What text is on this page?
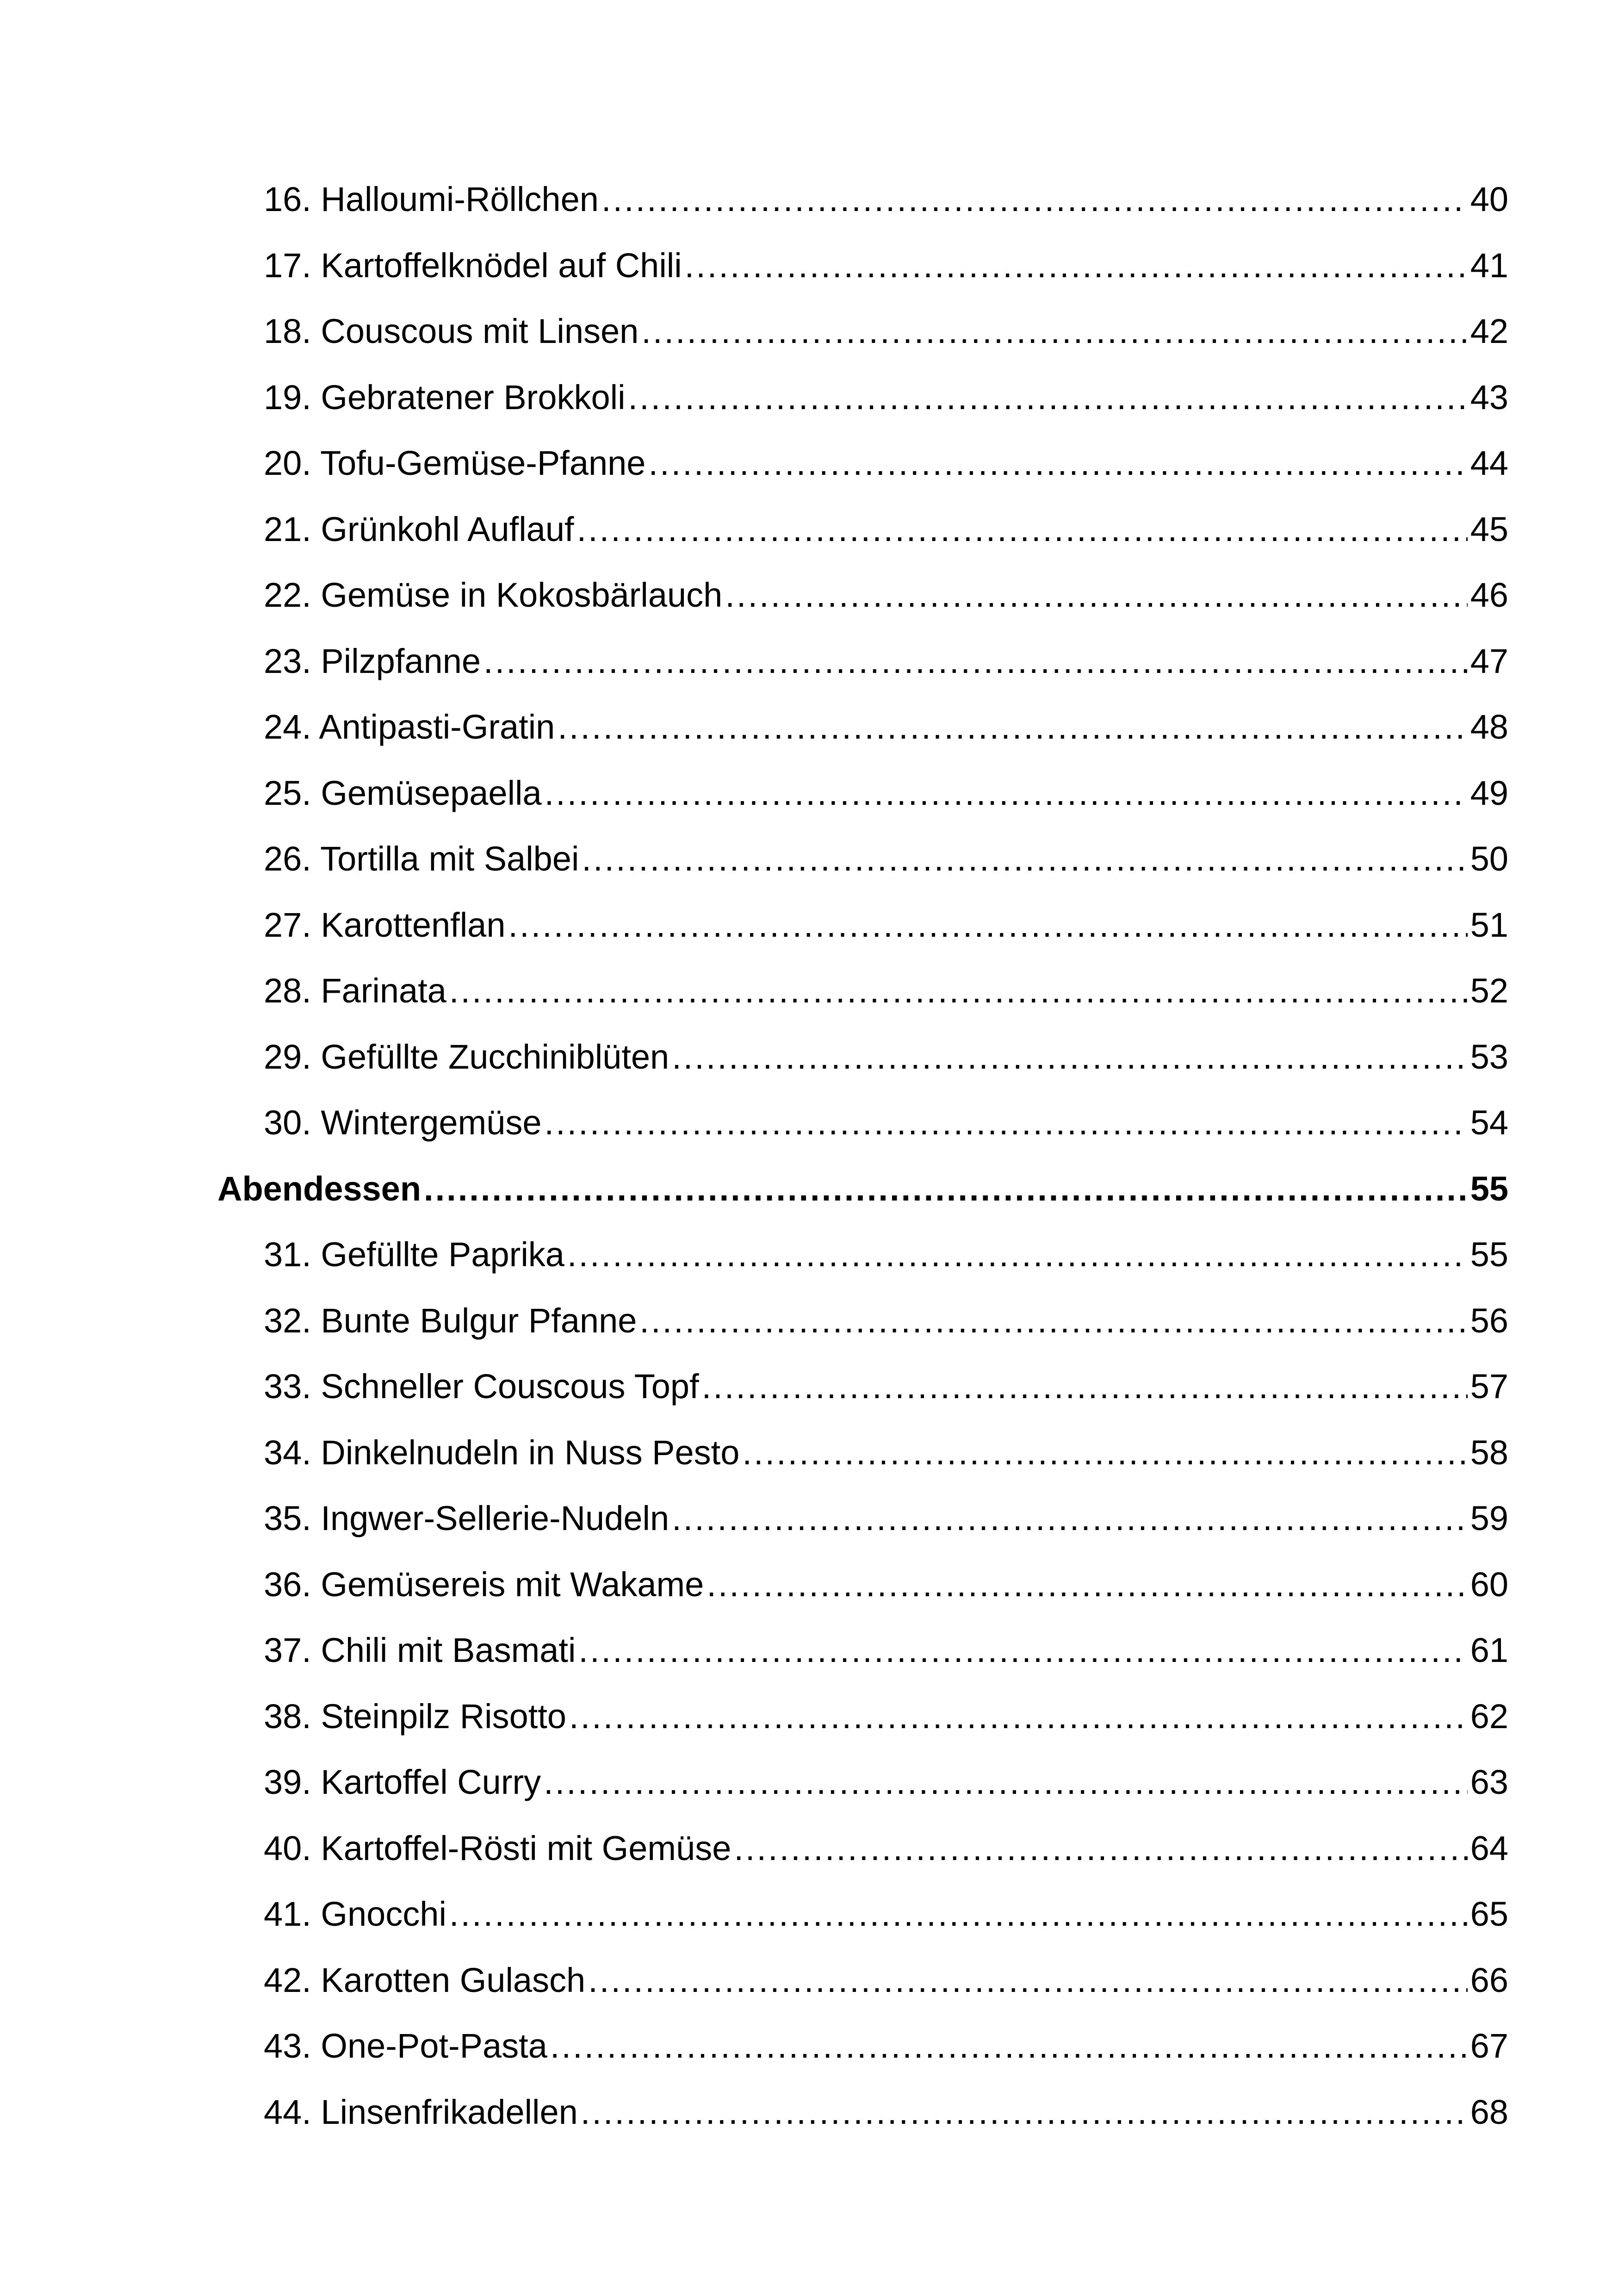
16. Halloumi-Röllchen .....	40
17. Kartoffelknödel auf Chili .....	41
18. Couscous mit Linsen .....	42
19. Gebratener Brokkoli .....	43
20. Tofu-Gemüse-Pfanne .....	44
21. Grünkohl Auflauf .....	45
22. Gemüse in Kokosbärlauch .....	46
23. Pilzpfanne .....	47
24. Antipasti-Gratin .....	48
25. Gemüsepaella .....	49
26. Tortilla mit Salbei .....	50
27. Karottenflan .....	51
28. Farinata .....	52
29. Gefüllte Zucchiniblüten .....	53
30. Wintergemüse .....	54
Abendessen .....	55
31. Gefüllte Paprika .....	55
32. Bunte Bulgur Pfanne .....	56
33. Schneller Couscous Topf .....	57
34. Dinkelnudeln in Nuss Pesto .....	58
35. Ingwer-Sellerie-Nudeln .....	59
36. Gemüsereis mit Wakame .....	60
37. Chili mit Basmati .....	61
38. Steinpilz Risotto .....	62
39. Kartoffel Curry .....	63
40. Kartoffel-Rösti mit Gemüse .....	64
41. Gnocchi .....	65
42. Karotten Gulasch .....	66
43. One-Pot-Pasta .....	67
44. Linsenfrikadellen .....	68
